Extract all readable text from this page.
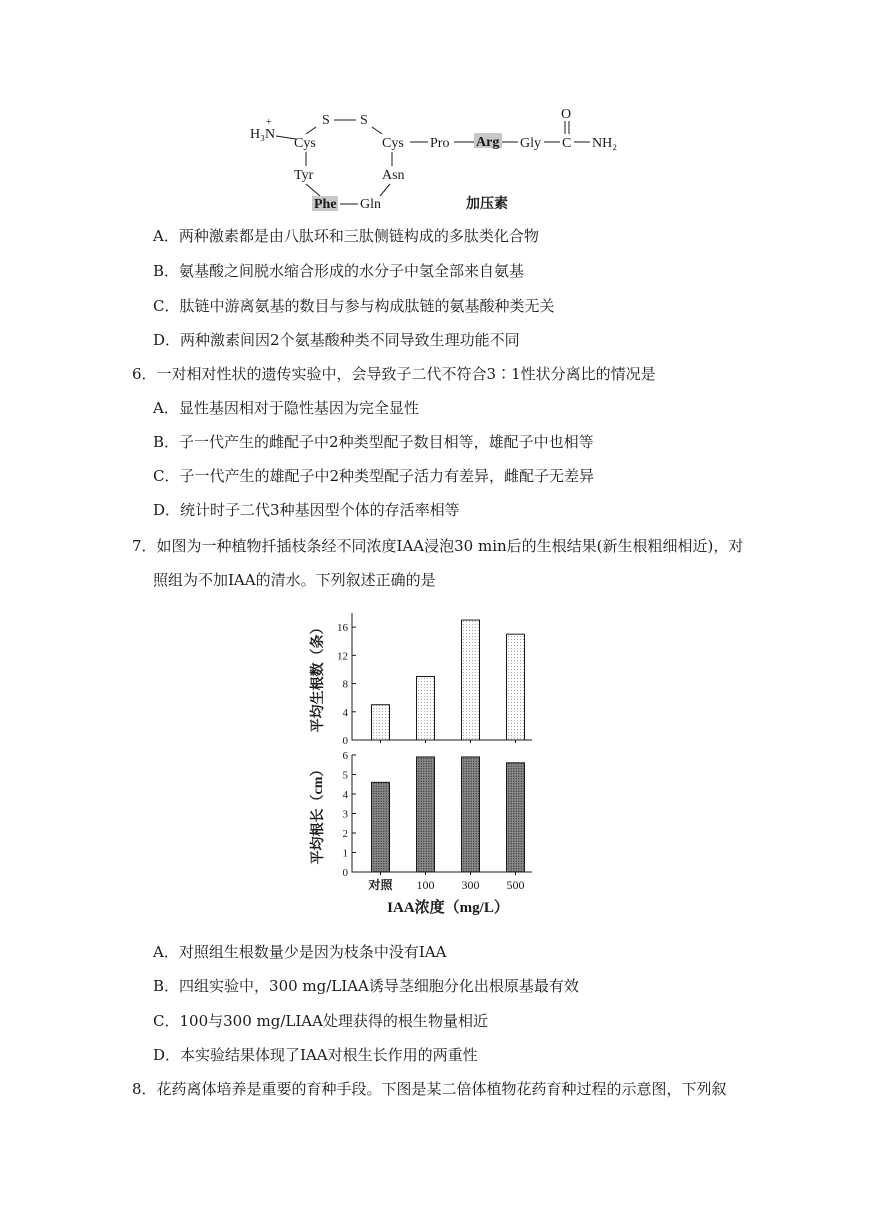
H₃N
+	S S
Cys	Cys
Tyr	Asn
Phe Gln
Pro Arg Gly C
O
NH₂
加压素
A．两种激素都是由八肽环和三肽侧链构成的多肽类化合物
B．氨基酸之间脱水缩合形成的水分子中氢全部来自氨基
C．肽链中游离氨基的数目与参与构成肽链的氨基酸种类无关
D．两种激素间因2个氨基酸种类不同导致生理功能不同
6．一对相对性状的遗传实验中，会导致子二代不符合3∶1性状分离比的情况是
A．显性基因相对于隐性基因为完全显性
B．子一代产生的雌配子中2种类型配子数目相等，雄配子中也相等
C．子一代产生的雄配子中2种类型配子活力有差异，雌配子无差异
D．统计时子二代3种基因型个体的存活率相等
7．如图为一种植物扦插枝条经不同浓度IAA浸泡30 min后的生根结果(新生根粗细相近)，对
照组为不加IAA的清水。下列叙述正确的是
0
4
8
12
16
平均生根数（条）
0
1
2
3
4
5
6
平均根长（cm）
对照 100 300 500
IAA浓度（mg/L）
A．对照组生根数量少是因为枝条中没有IAA
B．四组实验中，300 mg/LIAA诱导茎细胞分化出根原基最有效
C．100与300 mg/LIAA处理获得的根生物量相近
D．本实验结果体现了IAA对根生长作用的两重性
8．花药离体培养是重要的育种手段。下图是某二倍体植物花药育种过程的示意图，下列叙
